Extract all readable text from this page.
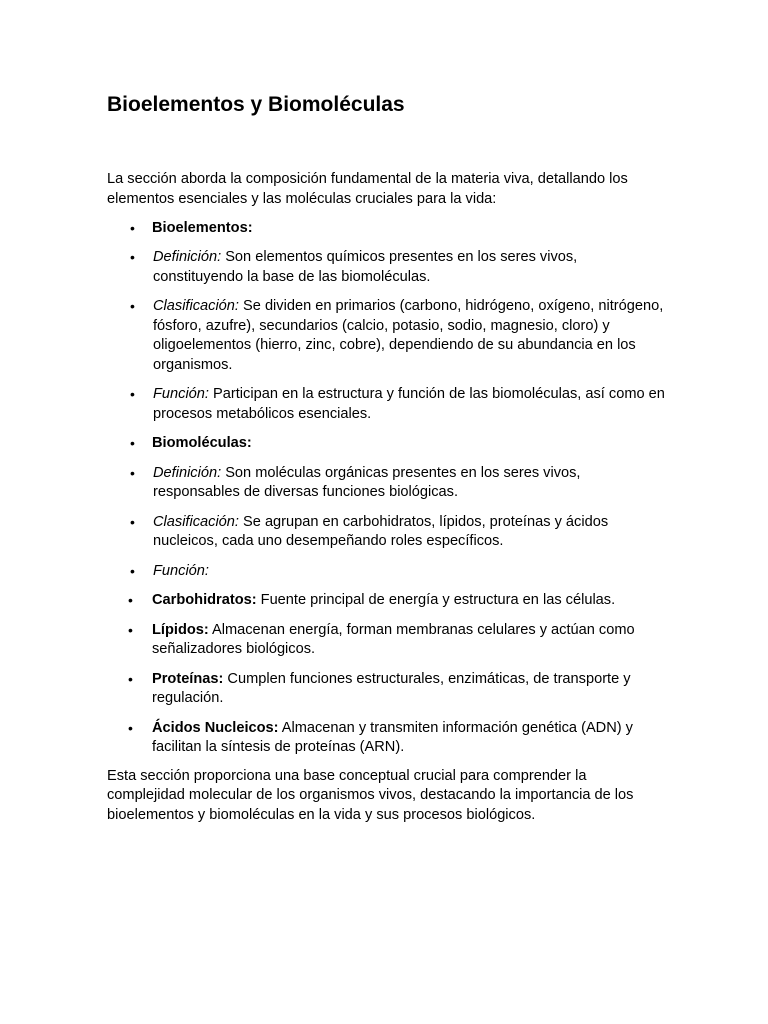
Bioelementos y Biomoléculas

La sección aborda la composición fundamental de la materia viva, detallando los elementos esenciales y las moléculas cruciales para la vida:

• Bioelementos:
• Definición: Son elementos químicos presentes en los seres vivos, constituyendo la base de las biomoléculas.
• Clasificación: Se dividen en primarios (carbono, hidrógeno, oxígeno, nitrógeno, fósforo, azufre), secundarios (calcio, potasio, sodio, magnesio, cloro) y oligoelementos (hierro, zinc, cobre), dependiendo de su abundancia en los organismos.
• Función: Participan en la estructura y función de las biomoléculas, así como en procesos metabólicos esenciales.
• Biomoléculas:
• Definición: Son moléculas orgánicas presentes en los seres vivos, responsables de diversas funciones biológicas.
• Clasificación: Se agrupan en carbohidratos, lípidos, proteínas y ácidos nucleicos, cada uno desempeñando roles específicos.
• Función:
• Carbohidratos: Fuente principal de energía y estructura en las células.
• Lípidos: Almacenan energía, forman membranas celulares y actúan como señalizadores biológicos.
• Proteínas: Cumplen funciones estructurales, enzimáticas, de transporte y regulación.
• Ácidos Nucleicos: Almacenan y transmiten información genética (ADN) y facilitan la síntesis de proteínas (ARN).

Esta sección proporciona una base conceptual crucial para comprender la complejidad molecular de los organismos vivos, destacando la importancia de los bioelementos y biomoléculas en la vida y sus procesos biológicos.
